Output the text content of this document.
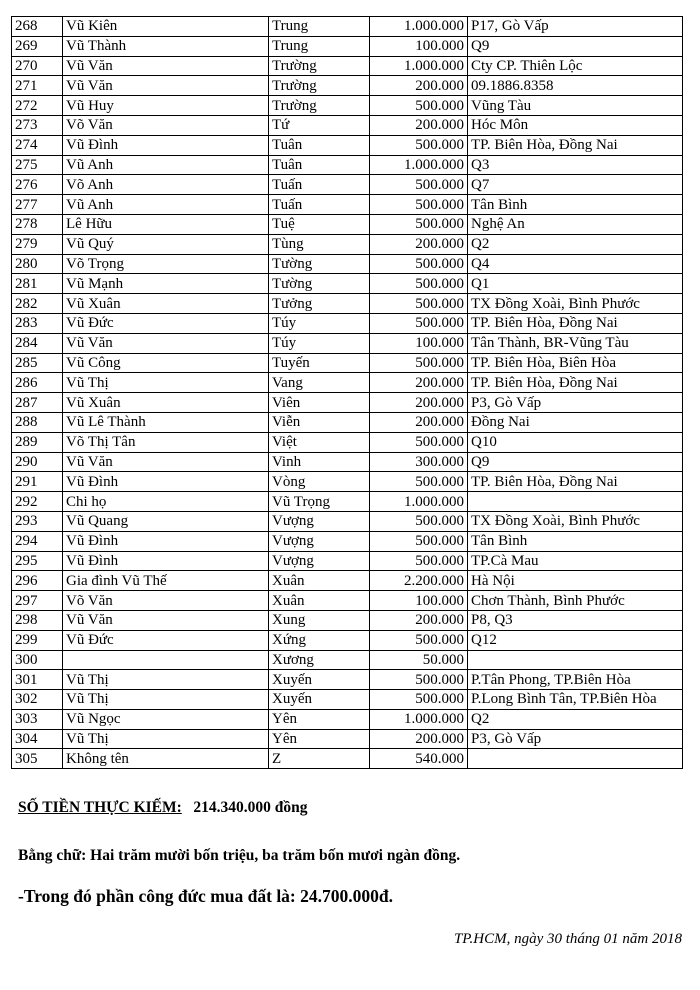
268	Vũ Kiên	Trung	1.000.000	P17, Gò Vấp
269	Vũ Thành	Trung	100.000	Q9
270	Vũ Văn	Trường	1.000.000	Cty CP. Thiên Lộc
271	Vũ Văn	Trường	200.000	09.1886.8358
272	Vũ Huy	Trường	500.000	Vũng Tàu
273	Võ Văn	Tứ	200.000	Hóc Môn
274	Vũ Đình	Tuân	500.000	TP. Biên Hòa, Đồng Nai
275	Vũ Anh	Tuân	1.000.000	Q3
276	Võ Anh	Tuấn	500.000	Q7
277	Vũ Anh	Tuấn	500.000	Tân Bình
278	Lê Hữu	Tuệ	500.000	Nghệ An
279	Vũ Quý	Tùng	200.000	Q2
280	Võ Trọng	Tường	500.000	Q4
281	Vũ Mạnh	Tường	500.000	Q1
282	Vũ Xuân	Tưởng	500.000	TX Đồng Xoài, Bình Phước
283	Vũ Đức	Túy	500.000	TP. Biên Hòa, Đồng Nai
284	Vũ Văn	Túy	100.000	Tân Thành, BR-Vũng Tàu
285	Vũ Công	Tuyến	500.000	TP. Biên Hòa, Biên Hòa
286	Vũ Thị	Vang	200.000	TP. Biên Hòa, Đồng Nai
287	Vũ Xuân	Viên	200.000	P3, Gò Vấp
288	Vũ Lê Thành	Viễn	200.000	Đồng Nai
289	Võ Thị Tân	Việt	500.000	Q10
290	Vũ Văn	Vinh	300.000	Q9
291	Vũ Đình	Vòng	500.000	TP. Biên Hòa, Đồng Nai
292	Chi họ	Vũ Trọng	1.000.000	
293	Vũ Quang	Vượng	500.000	TX Đồng Xoài, Bình Phước
294	Vũ Đình	Vượng	500.000	Tân Bình
295	Vũ Đình	Vượng	500.000	TP.Cà Mau
296	Gia đình Vũ Thế	Xuân	2.200.000	Hà Nội
297	Võ Văn	Xuân	100.000	Chơn Thành, Bình Phước
298	Vũ Văn	Xung	200.000	P8, Q3
299	Vũ Đức	Xứng	500.000	Q12
300		Xương	50.000	
301	Vũ Thị	Xuyến	500.000	P.Tân Phong, TP.Biên Hòa
302	Vũ Thị	Xuyến	500.000	P.Long Bình Tân, TP.Biên Hòa
303	Vũ Ngọc	Yên	1.000.000	Q2
304	Vũ Thị	Yên	200.000	P3, Gò Vấp
305	Không tên	Z	540.000	
SỐ TIỀN THỰC KIẾM: 214.340.000 đồng
Bằng chữ: Hai trăm mười bốn triệu, ba trăm bốn mươi ngàn đồng.
-Trong đó phần công đức mua đất là: 24.700.000đ.
TP.HCM, ngày 30 tháng 01 năm 2018
